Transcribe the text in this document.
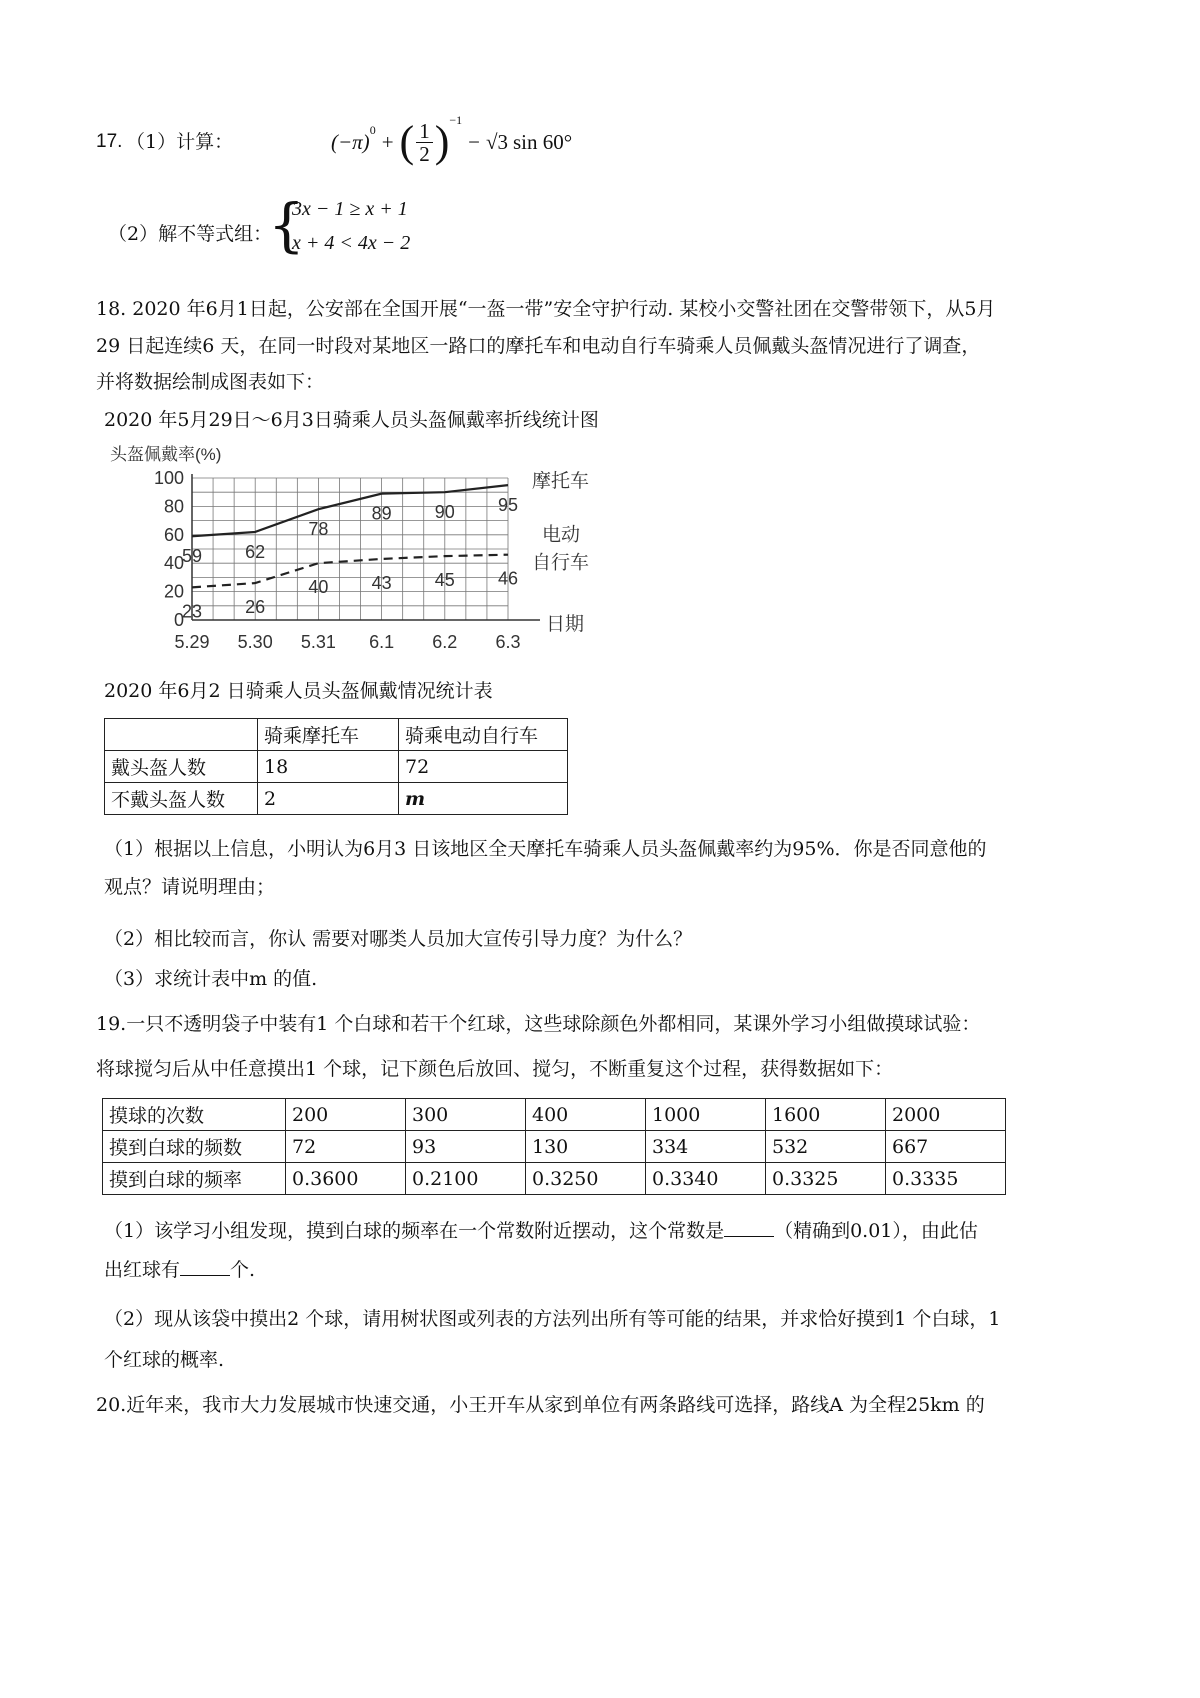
17. （1）计算：	$(-\pi)^0$ + ( $\frac{1}{2} )^{-1}$
− √3 sin 60°
（2）解不等式组：
{
3x − 1 ≥ x + 1
x + 4 < 4x − 2
18. 2020 年6月1日起，公安部在全国开展“一盔一带”安全守护行动. 某校小交警社团在交警带领下，从5月
29 日起连续6 天，在同一时段对某地区一路口的摩托车和电动自行车骑乘人员佩戴头盔情况进行了调查，
并将数据绘制成图表如下：
2020 年5月29日～6月3日骑乘人员头盔佩戴率折线统计图
头盔佩戴率(%)
0
20
40
60
80
100
5.29 5.30 5.31 6.1 6.2 6.3
59 62
78
89 90 95
23 26
40 43 45 46
摩托车
电动
自行车
日期
2020 年6月2 日骑乘人员头盔佩戴情况统计表
	骑乘摩托车	骑乘电动自行车
戴头盔人数	18	72
不戴头盔人数	2	m
（1）根据以上信息，小明认为6月3 日该地区全天摩托车骑乘人员头盔佩戴率约为95%．你是否同意他的
观点？请说明理由；
（2）相比较而言，你认 需要对哪类人员加大宣传引导力度？为什么？
（3）求统计表中m 的值.
19.一只不透明袋子中装有1 个白球和若干个红球，这些球除颜色外都相同，某课外学习小组做摸球试验：
将球搅匀后从中任意摸出1 个球，记下颜色后放回、搅匀，不断重复这个过程，获得数据如下：
摸球的次数	200	300	400	1000	1600	2000
摸到白球的频数	72	93	130	334	532	667
摸到白球的频率	0.3600	0.2100	0.3250	0.3340	0.3325	0.3335
（1）该学习小组发现，摸到白球的频率在一个常数附近摆动，这个常数是	（精确到0.01），由此估
出红球有	个.
（2）现从该袋中摸出2 个球，请用树状图或列表的方法列出所有等可能的结果，并求恰好摸到1 个白球，1
个红球的概率.
20.近年来，我市大力发展城市快速交通，小王开车从家到单位有两条路线可选择，路线A 为全程25km 的
